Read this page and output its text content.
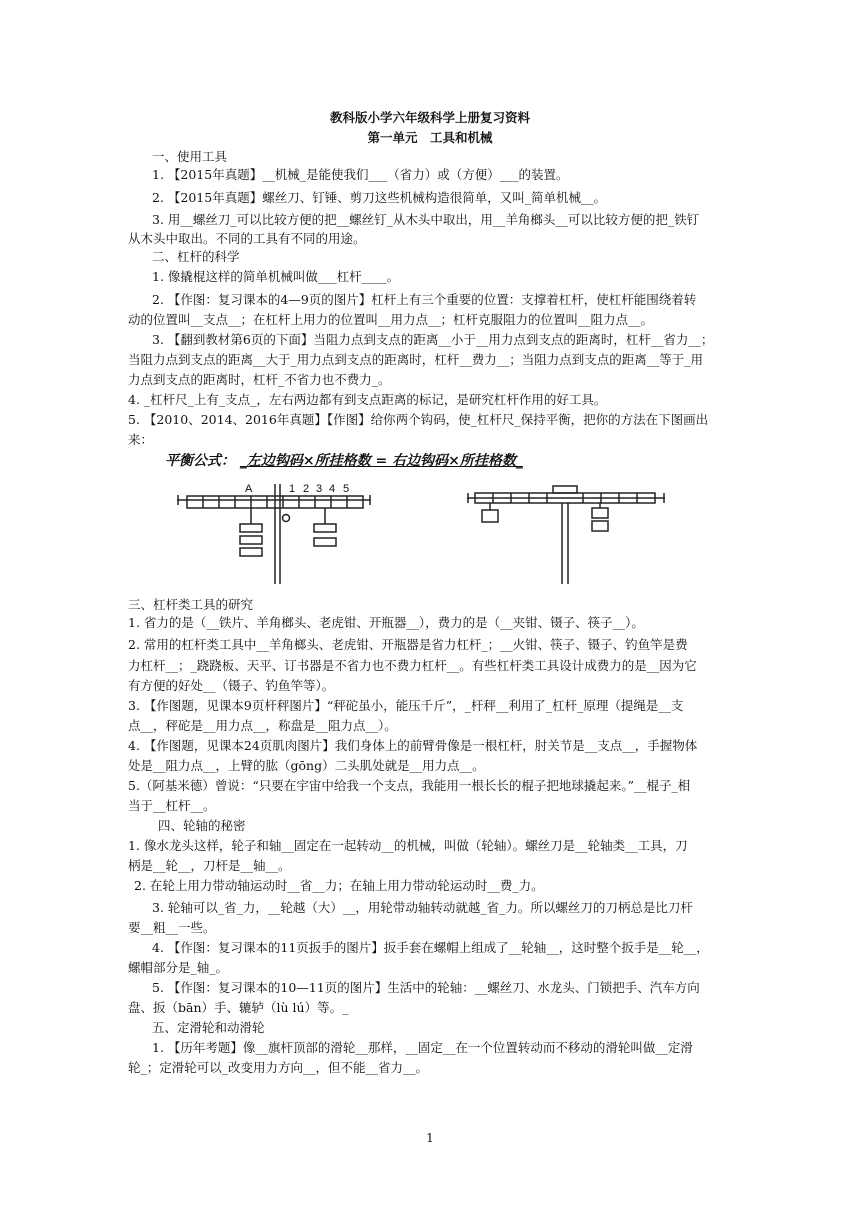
教科版小学六年级科学上册复习资料
第一单元　工具和机械
一、使用工具
1. 【2015年真题】__机械_是能使我们___（省力）或（方便）___的装置。
2. 【2015年真题】螺丝刀、钉锤、剪刀这些机械构造很简单，又叫_简单机械__。
3. 用__螺丝刀_可以比较方便的把__螺丝钉_从木头中取出，用__羊角榔头__可以比较方便的把_铁钉
从木头中取出。不同的工具有不同的用途。
二、杠杆的科学
1. 像撬棍这样的简单机械叫做___杠杆____。
2. 【作图：复习课本的4—9页的图片】杠杆上有三个重要的位置：支撑着杠杆，使杠杆能围绕着转
动的位置叫__支点__；在杠杆上用力的位置叫__用力点__；杠杆克服阻力的位置叫__阻力点__。
3. 【翻到教材第6页的下面】当阻力点到支点的距离__小于__用力点到支点的距离时，杠杆__省力__；
当阻力点到支点的距离__大于_用力点到支点的距离时，杠杆__费力__；当阻力点到支点的距离__等于_用
力点到支点的距离时，杠杆_不省力也不费力_。
4. _杠杆尺_上有_支点_，左右两边都有到支点距离的标记，是研究杠杆作用的好工具。
5. 【2010、2014、2016年真题】【作图】给你两个钩码，使_杠杆尺_保持平衡，把你的方法在下图画出
来：
平衡公式： _左边钩码×所挂格数 = 右边钩码×所挂格数_
A	1 2 3 4 5
三、杠杆类工具的研究
1. 省力的是（__铁片、羊角榔头、老虎钳、开瓶器__），费力的是（__夹钳、镊子、筷子__）。
2. 常用的杠杆类工具中__羊角榔头、老虎钳、开瓶器是省力杠杆_；__火钳、筷子、镊子、钓鱼竿是费
力杠杆__；_跷跷板、天平、订书器是不省力也不费力杠杆__。有些杠杆类工具设计成费力的是__因为它
有方便的好处__（镊子、钓鱼竿等）。
3. 【作图题，见课本9页杆秤图片】“秤砣虽小，能压千斤”，_杆秤__利用了_杠杆_原理（提绳是__支
点__，秤砣是__用力点__，称盘是__阻力点__）。
4. 【作图题，见课本24页肌肉图片】我们身体上的前臂骨像是一根杠杆，肘关节是__支点__，手握物体
处是__阻力点__，上臂的肱（gōng）二头肌处就是__用力点__。
5.（阿基米德）曾说：“只要在宇宙中给我一个支点，我能用一根长长的棍子把地球撬起来。”__棍子_相
当于__杠杆__。
四、轮轴的秘密
1. 像水龙头这样，轮子和轴__固定在一起转动__的机械，叫做（轮轴）。螺丝刀是__轮轴类__工具，刀
柄是__轮__，刀杆是__轴__。
2. 在轮上用力带动轴运动时__省__力；在轴上用力带动轮运动时__费_力。
3. 轮轴可以_省_力，__轮越（大）__，用轮带动轴转动就越_省_力。所以螺丝刀的刀柄总是比刀杆
要__粗__一些。
4. 【作图：复习课本的11页扳手的图片】扳手套在螺帽上组成了__轮轴__，这时整个扳手是__轮__，
螺帽部分是_轴_。
5. 【作图：复习课本的10—11页的图片】生活中的轮轴：__螺丝刀、水龙头、门锁把手、汽车方向
盘、扳（bān）手、辘轳（lù lú）等。_
五、定滑轮和动滑轮
1. 【历年考题】像__旗杆顶部的滑轮__那样，__固定__在一个位置转动而不移动的滑轮叫做__定滑
轮_；定滑轮可以_改变用力方向__，但不能__省力__。
1
